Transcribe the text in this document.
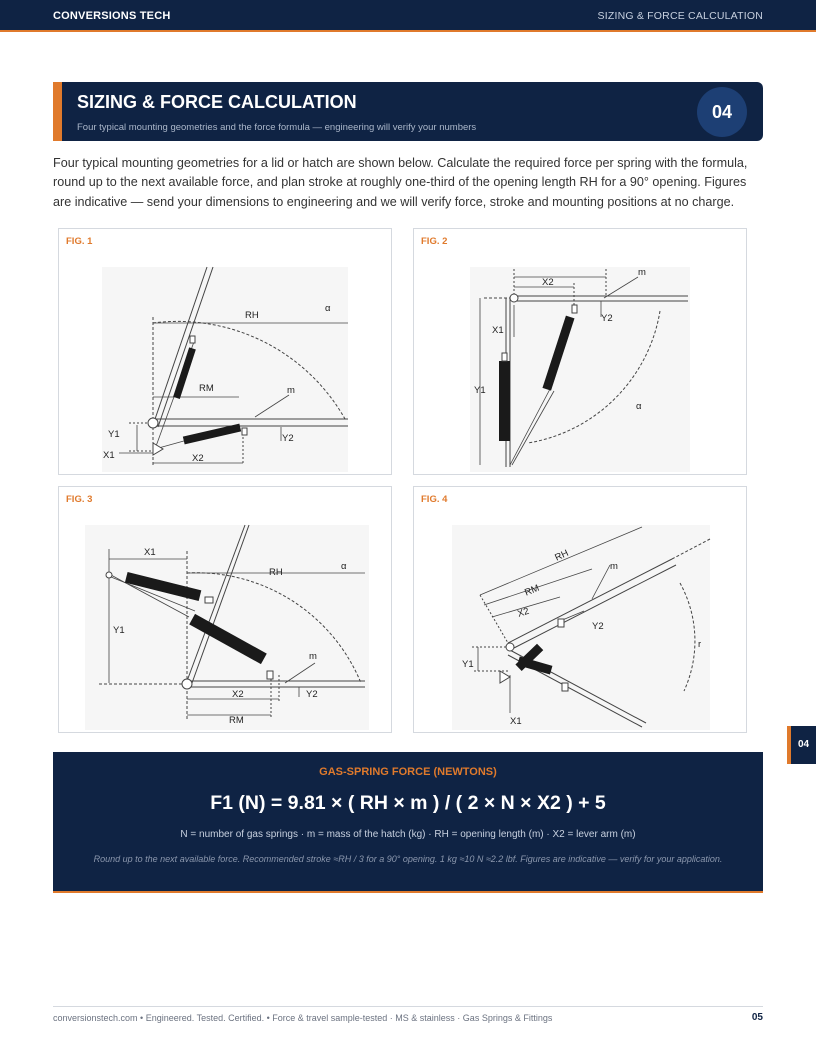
CONVERSIONS TECH	SIZING & FORCE CALCULATION
SIZING & FORCE CALCULATION
Four typical mounting geometries and the force formula — engineering will verify your numbers
04

Four typical mounting geometries for a lid or hatch are shown below. Calculate the required force per spring with the formula, round up to the next available force, and plan stroke at roughly one-third of the opening length RH for a 90° opening. Figures are indicative — send your dimensions to engineering and we will verify force, stroke and mounting positions at no charge.

RH
RM	m
α
Y1
X1	X2
Y2
FIG. 1
X2
m
Y2
X1
Y1
α
FIG. 2
X1
RH
α
Y1
m
X2	Y2
RM
FIG. 3
RH
m
RM
X2
Y2
r
Y1
X1
FIG. 4
GAS-SPRING FORCE (NEWTONS)
F1 (N) = 9.81 × ( RH × m ) / ( 2 × N × X2 ) + 5
N = number of gas springs · m = mass of the hatch (kg) · RH = opening length (m) · X2 = lever arm (m)
Round up to the next available force. Recommended stroke ≈RH / 3 for a 90° opening. 1 kg ≈10 N ≈2.2 lbf. Figures are indicative — verify for your application.
04
conversionstech.com • Engineered. Tested. Certified. • Force & travel sample-tested · MS & stainless · Gas Springs & Fittings	05
